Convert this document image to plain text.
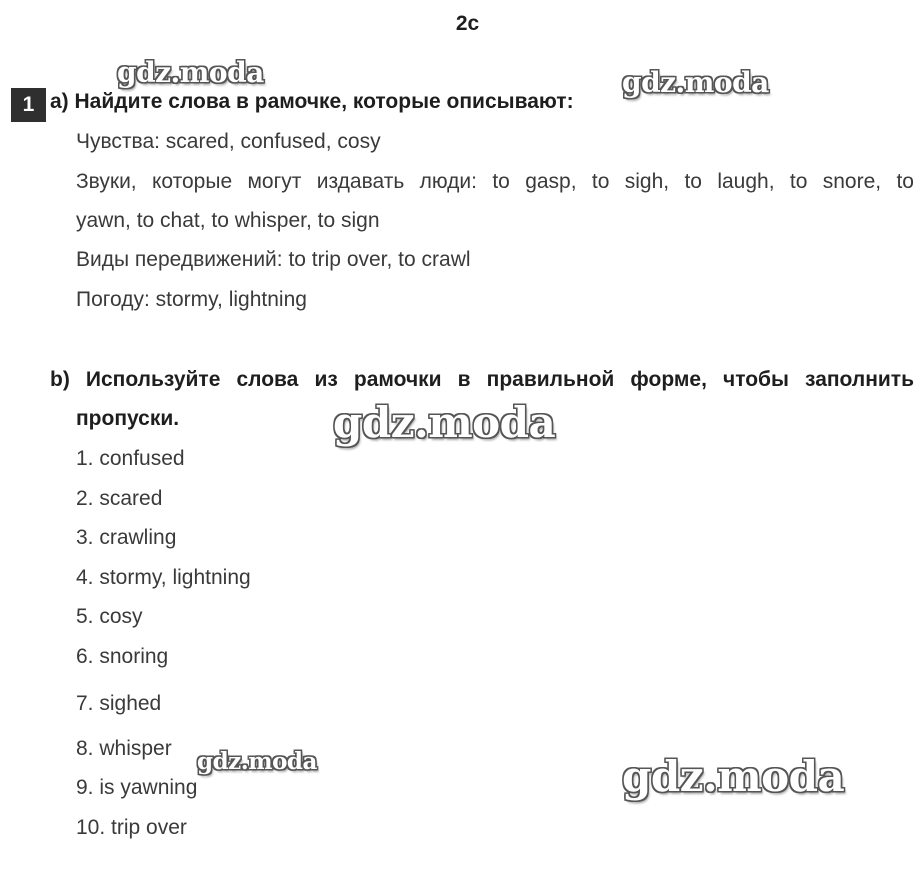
2c
1 a) Найдите слова в рамочке, которые описывают:
Чувства: scared, confused, cosy
Звуки, которые могут издавать люди: to gasp, to sigh, to laugh, to snore, to
yawn, to chat, to whisper, to sign
Виды передвижений: to trip over, to crawl
Погоду: stormy, lightning
b) Используйте слова из рамочки в правильной форме, чтобы заполнить
пропуски.
1. confused
2. scared
3. crawling
4. stormy, lightning
5. cosy
6. snoring
7. sighed
8. whisper
9. is yawning
10. trip over
gdz.moda	gdz.moda
gdz.moda
gdz.moda	gdz.moda
